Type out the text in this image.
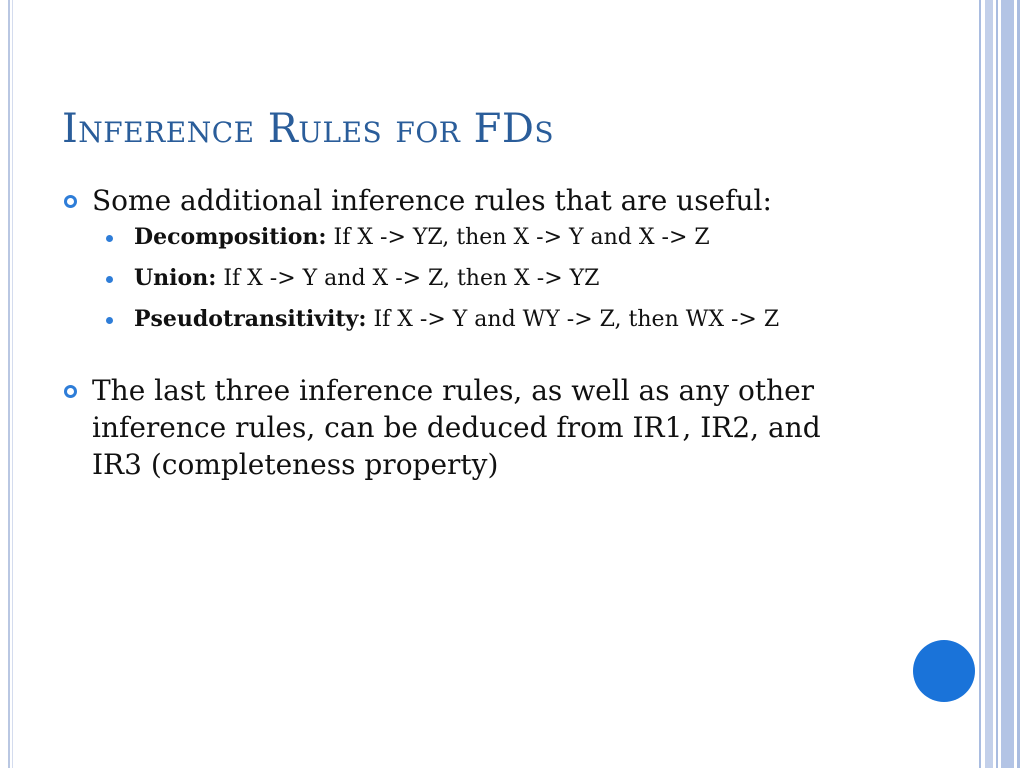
Inference Rules for FDs
Some additional inference rules that are useful:
Decomposition: If X -> YZ, then X -> Y and X -> Z
Union: If X -> Y and X -> Z, then X -> YZ
Pseudotransitivity: If X -> Y and WY -> Z, then WX -> Z
The last three inference rules, as well as any other inference rules, can be deduced from IR1, IR2, and IR3 (completeness property)
